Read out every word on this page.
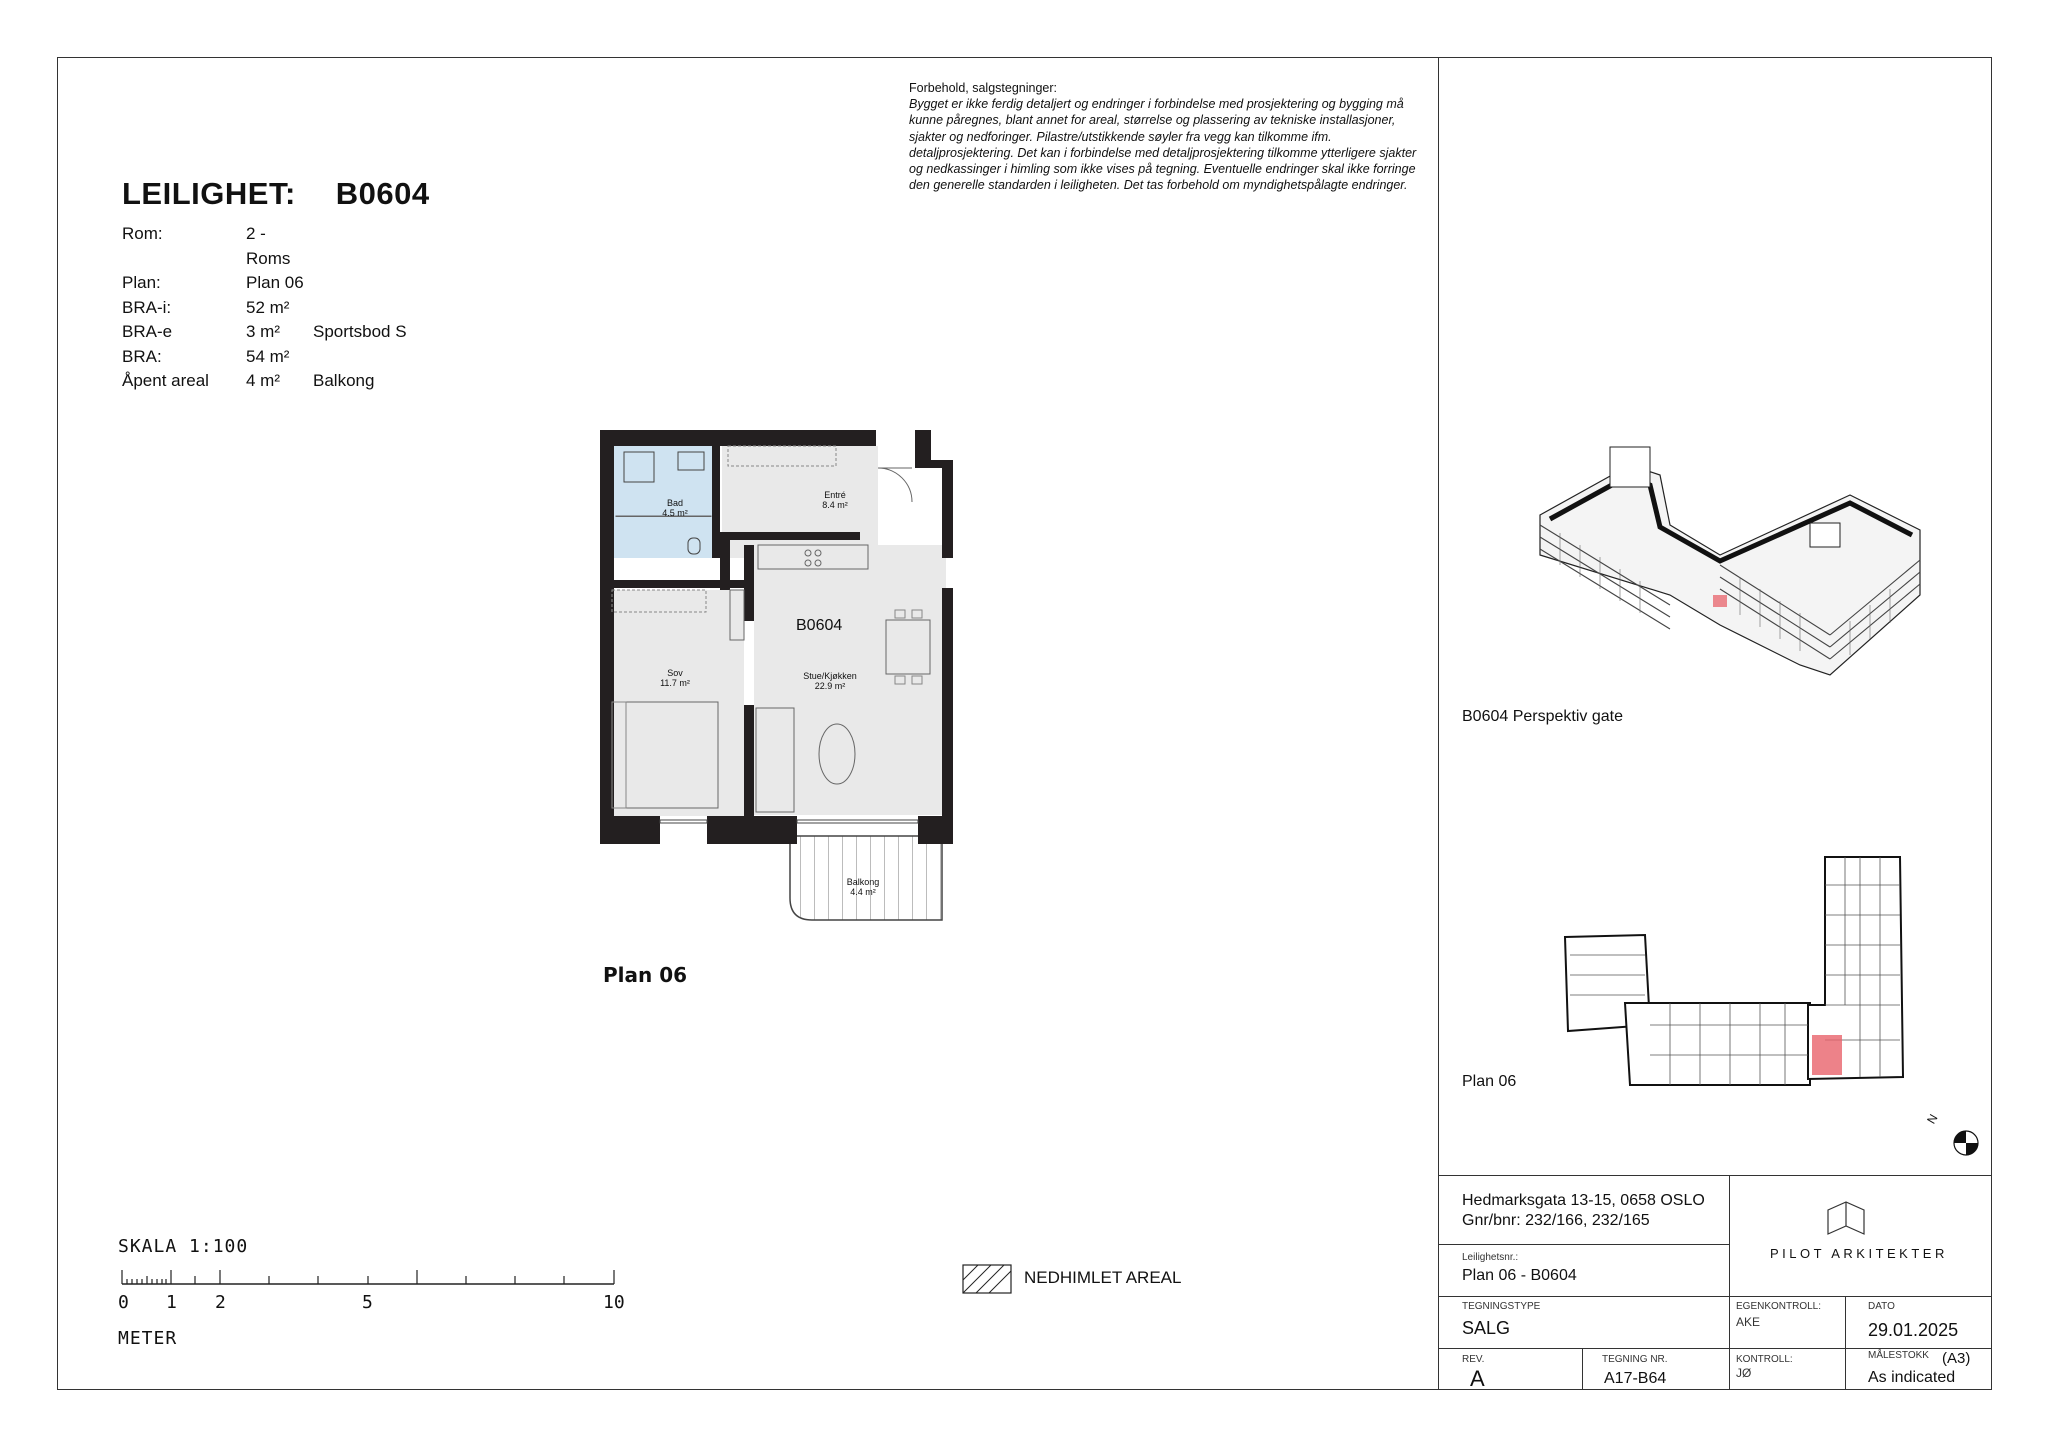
LEILIGHET: B0604
Rom:	2 - Roms
Plan:	Plan 06
BRA-i:	52 m²
BRA-e	3 m²	Sportsbod S
BRA:	54 m²
Åpent areal	4 m²	Balkong
Forbehold, salgstegninger:
Bygget er ikke ferdig detaljert og endringer i forbindelse med prosjektering og bygging må kunne påregnes, blant annet for areal, størrelse og plassering av tekniske installasjoner, sjakter og nedforinger. Pilastre/utstikkende søyler fra vegg kan tilkomme ifm. detaljprosjektering. Det kan i forbindelse med detaljprosjektering tilkomme ytterligere sjakter og nedkassinger i himling som ikke vises på tegning. Eventuelle endringer skal ikke forringe den generelle standarden i leiligheten. Det tas forbehold om myndighetspålagte endringer.
Bad
4.5 m²
Entré
8.4 m²
B0604
Sov
11.7 m²
Stue/Kjøkken
22.9 m²
Balkong
4.4 m²
Plan 06
SKALA 1:100
0 1 2	5	10
METER
NEDHIMLET AREAL
B0604 Perspektiv gate
Plan 06
N
Hedmarksgata 13-15, 0658 OSLO
Gnr/bnr: 232/166, 232/165
Leilighetsnr.:
Plan 06 - B0604
PILOT ARKITEKTER
TEGNINGSTYPE
SALG
EGENKONTROLL:
AKE
DATO
29.01.2025
REV.
A
TEGNING NR.
A17-B64
KONTROLL:
JØ
MÅLESTOKK (A3)
As indicated
